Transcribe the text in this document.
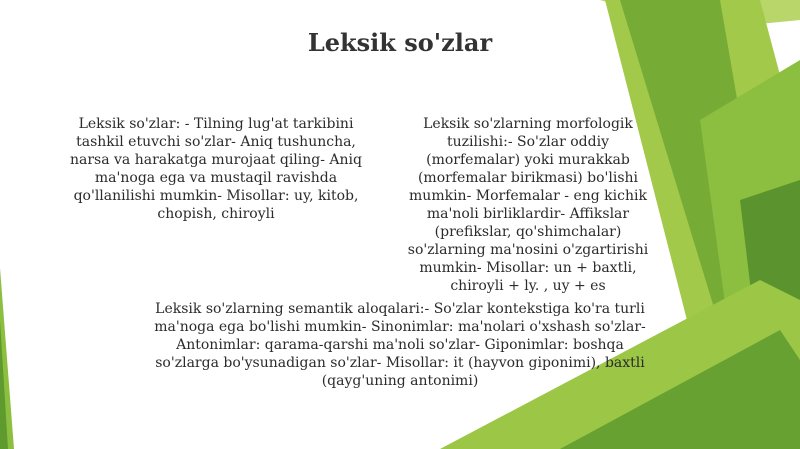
Leksik so'zlar

Leksik so'zlar: - Tilning lug'at tarkibini tashkil etuvchi so'zlar- Aniq tushuncha, narsa va harakatga murojaat qiling- Aniq ma'noga ega va mustaqil ravishda qo'llanilishi mumkin- Misollar: uy, kitob, chopish, chiroyli

Leksik so'zlarning morfologik tuzilishi:- So'zlar oddiy (morfemalar) yoki murakkab (morfemalar birikmasi) bo'lishi mumkin- Morfemalar - eng kichik ma'noli birliklardir- Affikslar (prefikslar, qo'shimchalar) so'zlarning ma'nosini o'zgartirishi mumkin- Misollar: un + baxtli, chiroyli + ly. , uy + es

Leksik so'zlarning semantik aloqalari:- So'zlar kontekstiga ko'ra turli ma'noga ega bo'lishi mumkin- Sinonimlar: ma'nolari o'xshash so'zlar- Antonimlar: qarama-qarshi ma'noli so'zlar- Giponimlar: boshqa so'zlarga bo'ysunadigan so'zlar- Misollar: it (hayvon giponimi), baxtli (qayg'uning antonimi)
